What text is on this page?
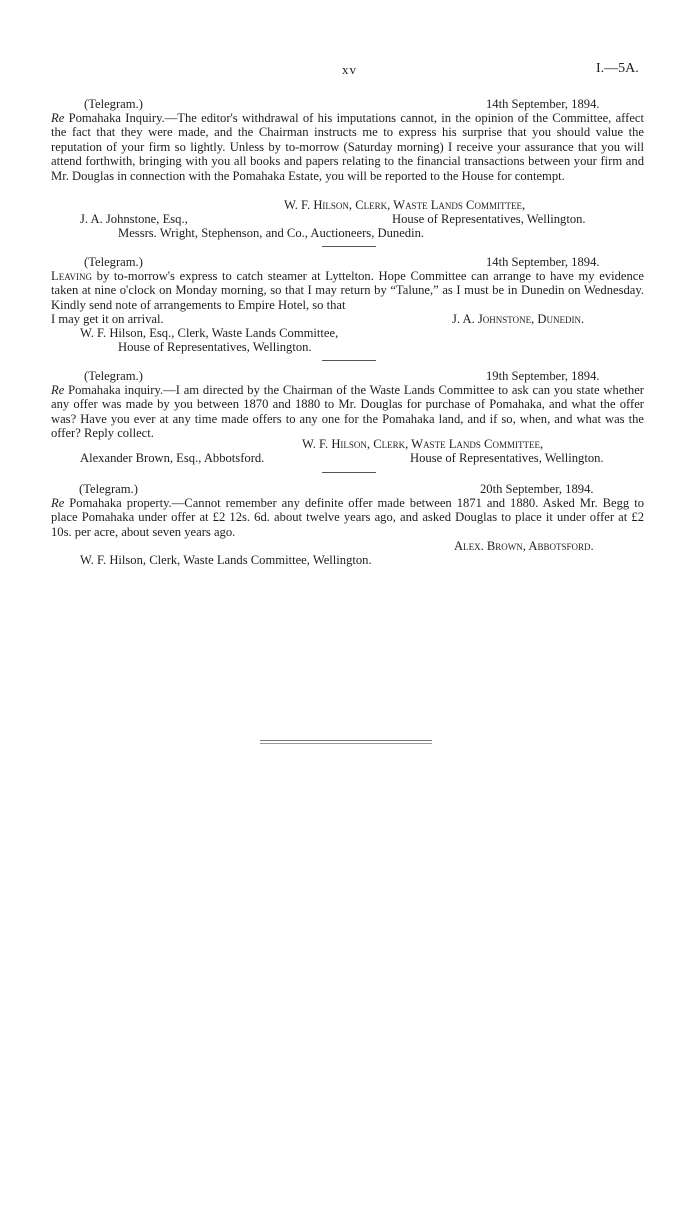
xv	I.—5A.
(Telegram.)	14th September, 1894.
Re Pomahaka Inquiry.—The editor's withdrawal of his imputations cannot, in the opinion of the Committee, affect the fact that they were made, and the Chairman instructs me to express his surprise that you should value the reputation of your firm so lightly. Unless by to-morrow (Saturday morning) I receive your assurance that you will attend forthwith, bringing with you all books and papers relating to the financial transactions between your firm and Mr. Douglas in connection with the Pomahaka Estate, you will be reported to the House for contempt.
W. F. Hilson, Clerk, Waste Lands Committee,
J. A. Johnstone, Esq.,	House of Representatives, Wellington.
Messrs. Wright, Stephenson, and Co., Auctioneers, Dunedin.
(Telegram.)	14th September, 1894.
Leaving by to-morrow's express to catch steamer at Lyttelton. Hope Committee can arrange to have my evidence taken at nine o'clock on Monday morning, so that I may return by “Talune,” as I must be in Dunedin on Wednesday. Kindly send note of arrangements to Empire Hotel, so that
I may get it on arrival.	J. A. Johnstone, Dunedin.
W. F. Hilson, Esq., Clerk, Waste Lands Committee,
House of Representatives, Wellington.
(Telegram.)	19th September, 1894.
Re Pomahaka inquiry.—I am directed by the Chairman of the Waste Lands Committee to ask can you state whether any offer was made by you between 1870 and 1880 to Mr. Douglas for purchase of Pomahaka, and what the offer was? Have you ever at any time made offers to any one for the Pomahaka land, and if so, when, and what was the offer? Reply collect.
W. F. Hilson, Clerk, Waste Lands Committee,
Alexander Brown, Esq., Abbotsford.	House of Representatives, Wellington.
(Telegram.)	20th September, 1894.
Re Pomahaka property.—Cannot remember any definite offer made between 1871 and 1880. Asked Mr. Begg to place Pomahaka under offer at £2 12s. 6d. about twelve years ago, and asked Douglas to place it under offer at £2 10s. per acre, about seven years ago.
Alex. Brown, Abbotsford.
W. F. Hilson, Clerk, Waste Lands Committee, Wellington.
